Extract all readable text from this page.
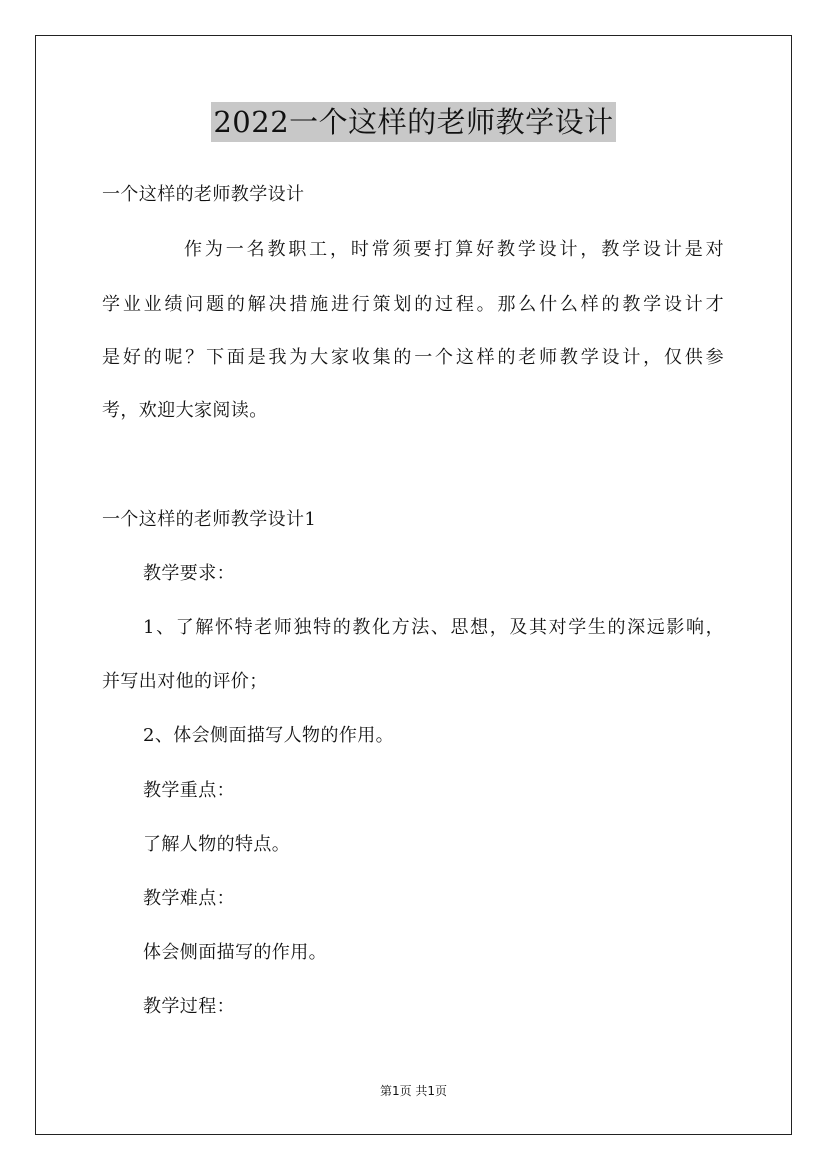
2022一个这样的老师教学设计
一个这样的老师教学设计
作为一名教职工，时常须要打算好教学设计，教学设计是对
学业业绩问题的解决措施进行策划的过程。那么什么样的教学设计才
是好的呢？下面是我为大家收集的一个这样的老师教学设计，仅供参
考，欢迎大家阅读。
一个这样的老师教学设计1
教学要求：
1、了解怀特老师独特的教化方法、思想，及其对学生的深远影响，
并写出对他的评价；
2、体会侧面描写人物的作用。
教学重点：
了解人物的特点。
教学难点：
体会侧面描写的作用。
教学过程：
第1页 共1页
